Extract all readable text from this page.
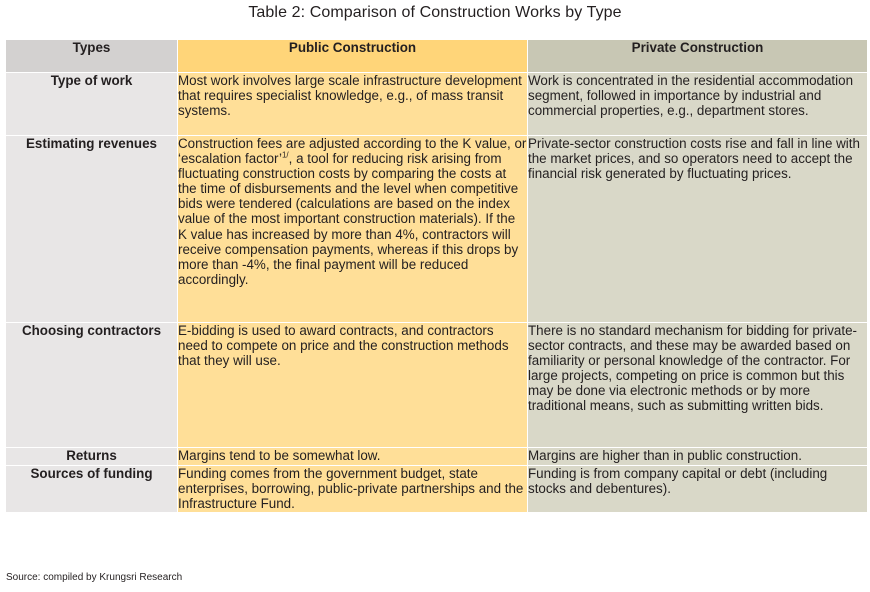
Table 2: Comparison of Construction Works by Type
Types	Public Construction	Private Construction
Type of work	Most work involves large scale infrastructure development that requires specialist knowledge, e.g., of mass transit systems.	Work is concentrated in the residential accommodation segment, followed in importance by industrial and commercial properties, e.g., department stores.
Estimating revenues	Construction fees are adjusted according to the K value, or ‘escalation factor’$^{1/}$, a tool for reducing risk arising from fluctuating construction costs by comparing the costs at the time of disbursements and the level when competitive bids were tendered (calculations are based on the index value of the most important construction materials). If the K value has increased by more than 4%, contractors will receive compensation payments, whereas if this drops by more than -4%, the final payment will be reduced accordingly.	Private-sector construction costs rise and fall in line with the market prices, and so operators need to accept the financial risk generated by fluctuating prices.
Choosing contractors	E-bidding is used to award contracts, and contractors need to compete on price and the construction methods that they will use.	There is no standard mechanism for bidding for private-sector contracts, and these may be awarded based on familiarity or personal knowledge of the contractor. For large projects, competing on price is common but this may be done via electronic methods or by more traditional means, such as submitting written bids.
Returns	Margins tend to be somewhat low.	Margins are higher than in public construction.
Sources of funding	Funding comes from the government budget, state enterprises, borrowing, public-private partnerships and the Infrastructure Fund.	Funding is from company capital or debt (including stocks and debentures).
Source: compiled by Krungsri Research
